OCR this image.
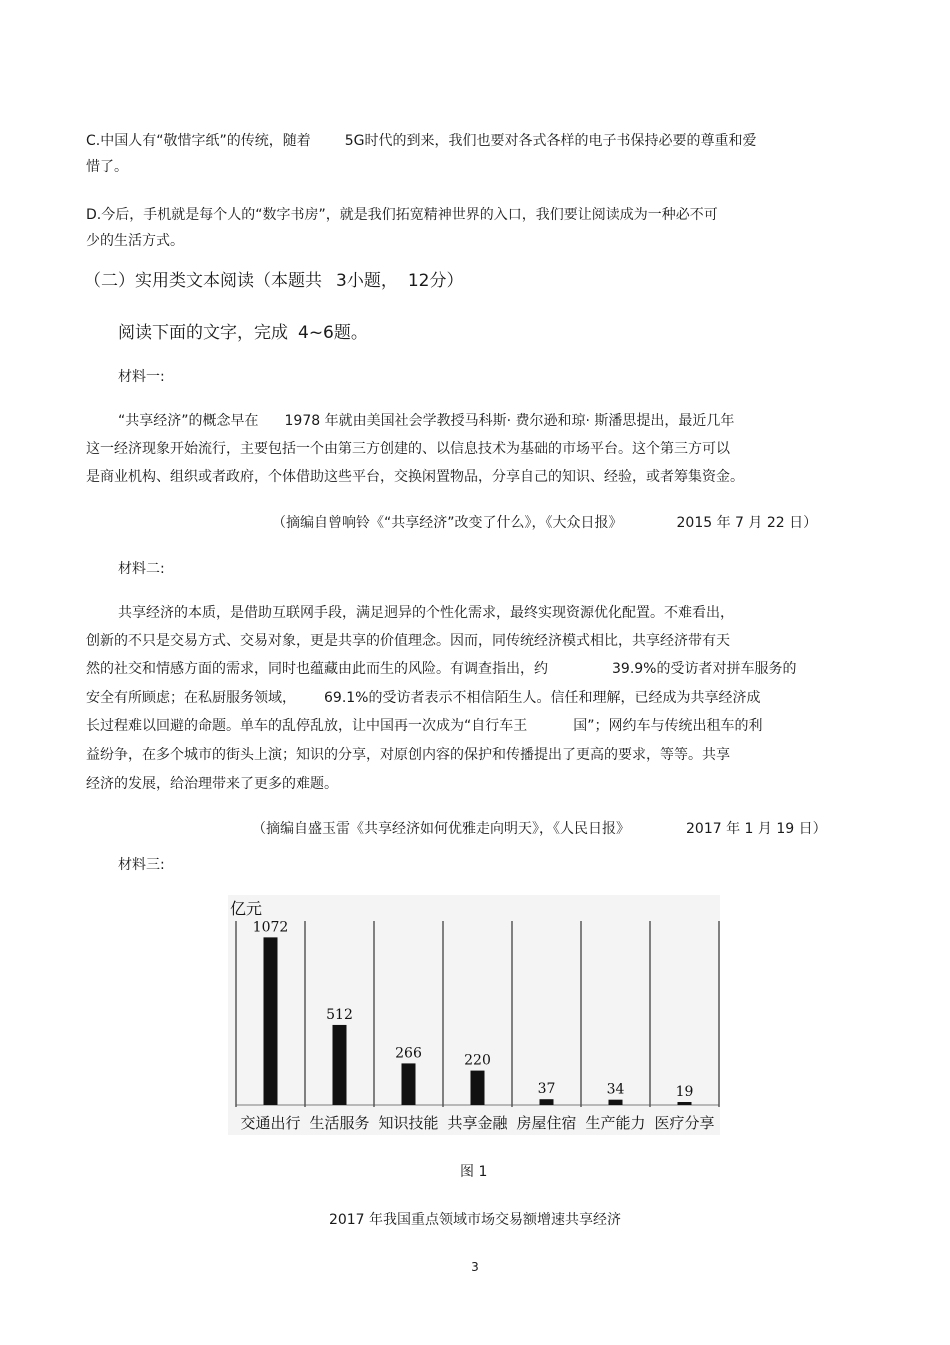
C.中国人有“敬惜字纸”的传统，随着 5G时代的到来，我们也要对各式各样的电子书保持必要的尊重和爱
惜了。
D.今后，手机就是每个人的“数字书房”，就是我们拓宽精神世界的入口，我们要让阅读成为一种必不可
少的生活方式。
（二）实用类文本阅读（本题共 3小题， 12分）
阅读下面的文字，完成 4~6题。
材料一:
“共享经济”的概念早在 1978 年就由美国社会学教授马科斯· 费尔逊和琼· 斯潘思提出，最近几年
这一经济现象开始流行，主要包括一个由第三方创建的、以信息技术为基础的市场平台。这个第三方可以
是商业机构、组织或者政府，个体借助这些平台，交换闲置物品，分享自己的知识、经验，或者筹集资金。
（摘编自曾响铃《“共享经济”改变了什么》，《大众日报》	2015 年 7 月 22 日）
材料二:
共享经济的本质，是借助互联网手段，满足迥异的个性化需求，最终实现资源优化配置。不难看出，
创新的不只是交易方式、交易对象，更是共享的价值理念。因而，同传统经济模式相比，共享经济带有天
然的社交和情感方面的需求，同时也蕴藏由此而生的风险。有调查指出，约	39.9%的受访者对拼车服务的
安全有所顾虑；在私厨服务领域， 69.1%的受访者表示不相信陌生人。信任和理解，已经成为共享经济成
长过程难以回避的命题。单车的乱停乱放，让中国再一次成为“自行车王	国”；网约车与传统出租车的利
益纷争，在多个城市的街头上演；知识的分享，对原创内容的保护和传播提出了更高的要求，等等。共享
经济的发展，给治理带来了更多的难题。
（摘编自盛玉雷《共享经济如何优雅走向明天》，《人民日报》	2017 年 1 月 19 日）
材料三:
亿元
1072
512
266	220
37	34	19
交通出行 生活服务 知识技能 共享金融 房屋住宿 生产能力 医疗分享
图 1
2017 年我国重点领域市场交易额增速共享经济
3
